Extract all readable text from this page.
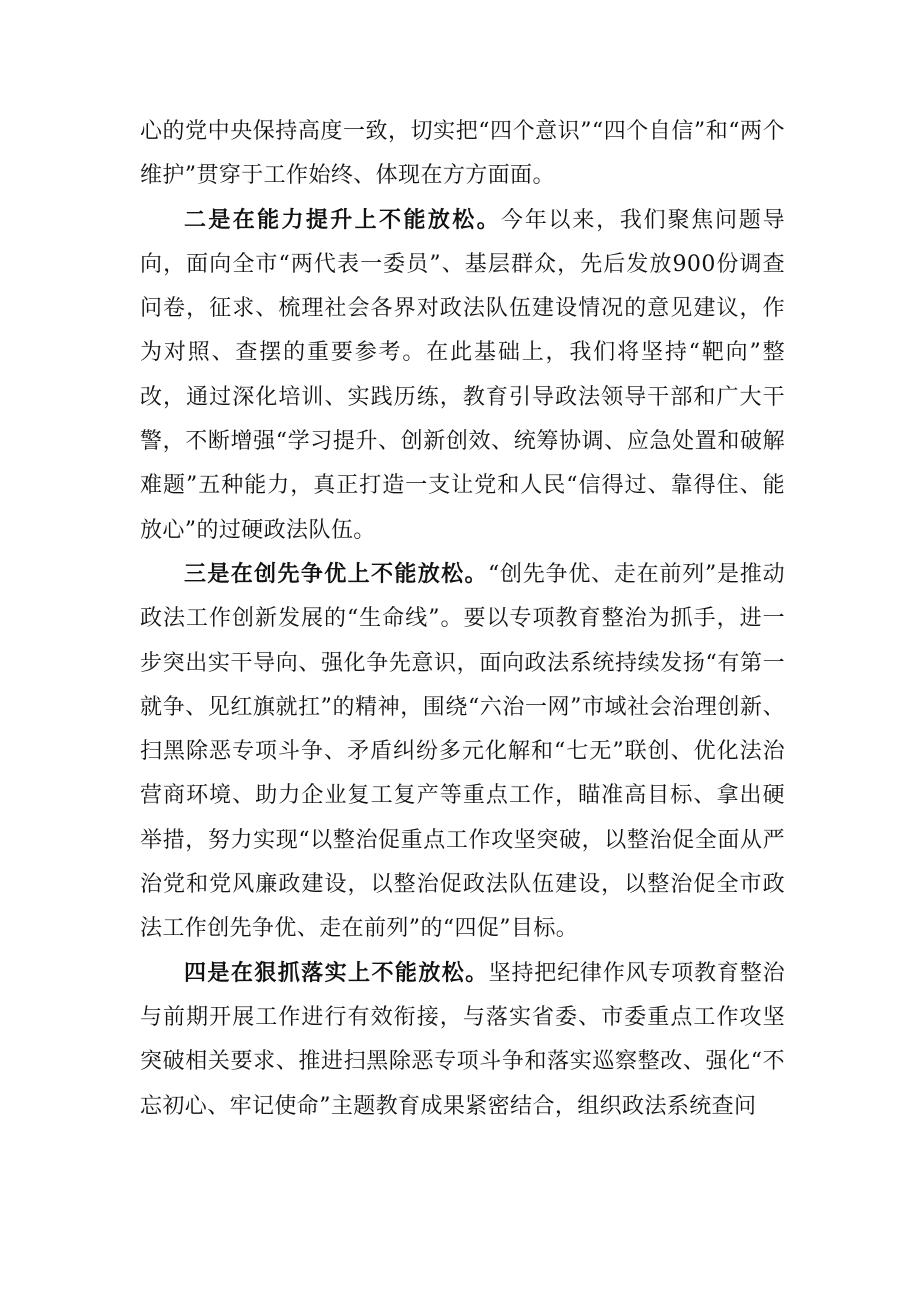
心的党中央保持高度一致，切实把“四个意识”“四个自信”和“两个维护”贯穿于工作始终、体现在方方面面。

二是在能力提升上不能放松。今年以来，我们聚焦问题导向，面向全市“两代表一委员”、基层群众，先后发放900份调查问卷，征求、梳理社会各界对政法队伍建设情况的意见建议，作为对照、查摆的重要参考。在此基础上，我们将坚持“靶向”整改，通过深化培训、实践历练，教育引导政法领导干部和广大干警，不断增强“学习提升、创新创效、统筹协调、应急处置和破解难题”五种能力，真正打造一支让党和人民“信得过、靠得住、能放心”的过硬政法队伍。

三是在创先争优上不能放松。“创先争优、走在前列”是推动政法工作创新发展的“生命线”。要以专项教育整治为抓手，进一步突出实干导向、强化争先意识，面向政法系统持续发扬“有第一就争、见红旗就扛”的精神，围绕“六治一网”市域社会治理创新、扫黑除恶专项斗争、矛盾纠纷多元化解和“七无”联创、优化法治营商环境、助力企业复工复产等重点工作，瞄准高目标、拿出硬举措，努力实现“以整治促重点工作攻坚突破，以整治促全面从严治党和党风廉政建设，以整治促政法队伍建设，以整治促全市政法工作创先争优、走在前列”的“四促”目标。

四是在狠抓落实上不能放松。坚持把纪律作风专项教育整治与前期开展工作进行有效衔接，与落实省委、市委重点工作攻坚突破相关要求、推进扫黑除恶专项斗争和落实巡察整改、强化“不忘初心、牢记使命”主题教育成果紧密结合，组织政法系统查问
